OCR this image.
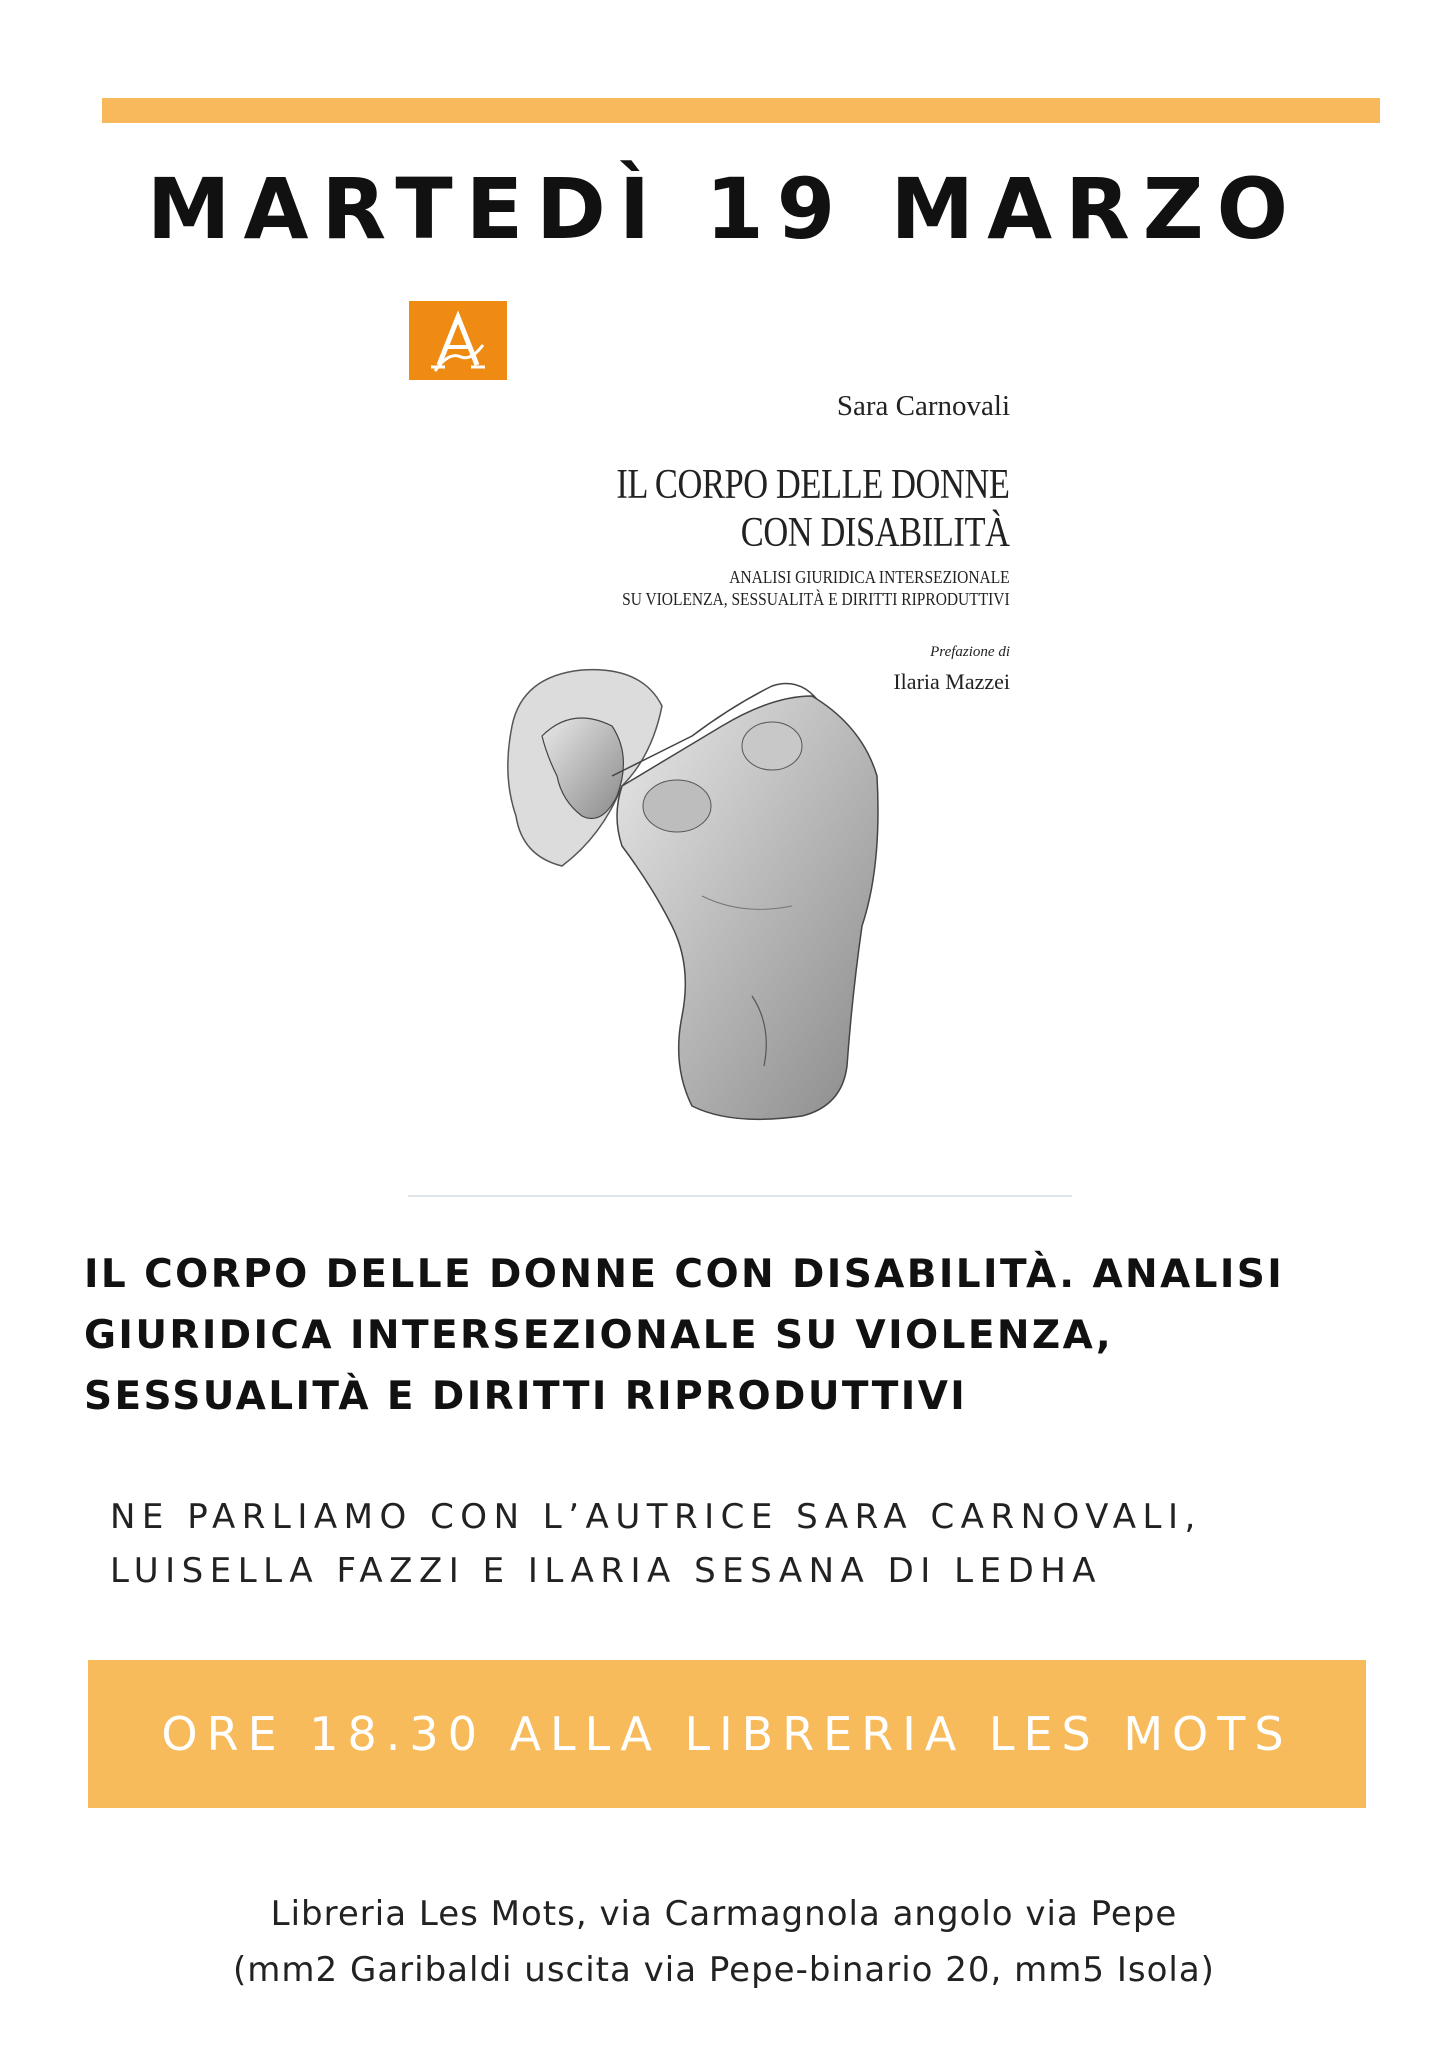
MARTEDÌ 19 MARZO
Sara Carnovali
IL CORPO DELLE DONNE
CON DISABILITÀ
ANALISI GIURIDICA INTERSEZIONALE
SU VIOLENZA, SESSUALITÀ E DIRITTI RIPRODUTTIVI
Prefazione di
Ilaria Mazzei
IL CORPO DELLE DONNE CON DISABILITÀ. ANALISI
GIURIDICA INTERSEZIONALE SU VIOLENZA,
SESSUALITÀ E DIRITTI RIPRODUTTIVI
NE PARLIAMO CON L’AUTRICE SARA CARNOVALI,
LUISELLA FAZZI E ILARIA SESANA DI LEDHA
ORE 18.30 ALLA LIBRERIA LES MOTS
Libreria Les Mots, via Carmagnola angolo via Pepe
(mm2 Garibaldi uscita via Pepe-binario 20, mm5 Isola)
